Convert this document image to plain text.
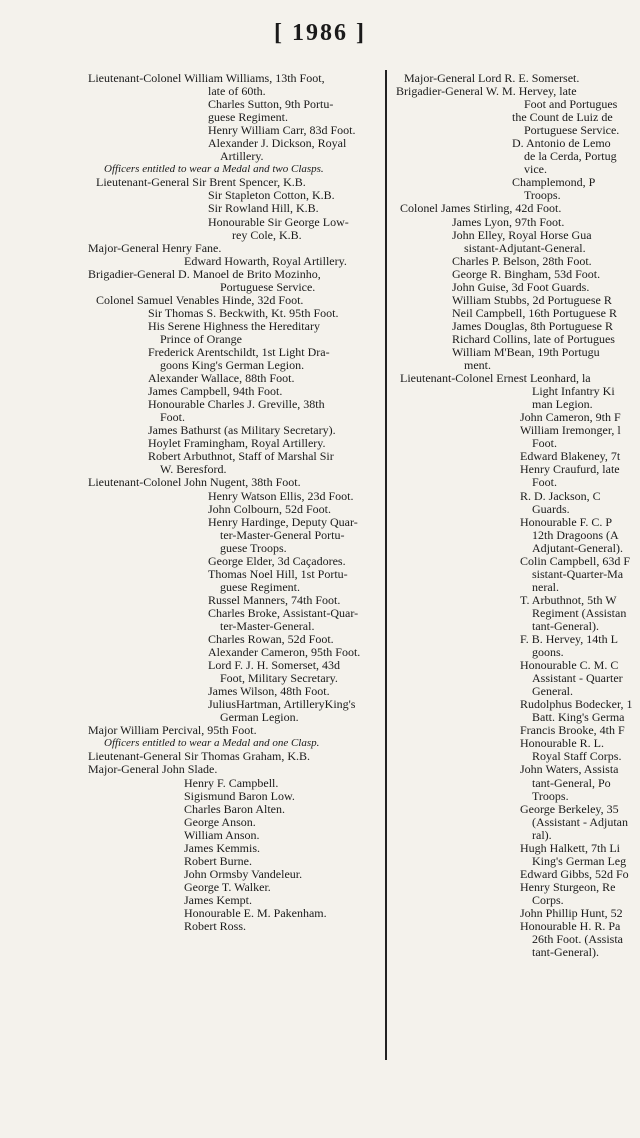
[ 1986 ]

Lieutenant-Colonel William Williams, 13th Foot,

late of 60th.

Charles Sutton, 9th Portu-

guese Regiment.

Henry William Carr, 83d Foot.

Alexander J. Dickson, Royal

Artillery.

Officers entitled to wear a Medal and two Clasps.

Lieutenant-General Sir Brent Spencer, K.B.

Sir Stapleton Cotton, K.B.

Sir Rowland Hill, K.B.

Honourable Sir George Low-

rey Cole, K.B.

Major-General Henry Fane.

Edward Howarth, Royal Artillery.

Brigadier-General D. Manoel de Brito Mozinho,

Portuguese Service.

Colonel Samuel Venables Hinde, 32d Foot.

Sir Thomas S. Beckwith, Kt. 95th Foot.

His Serene Highness the Hereditary

Prince of Orange

Frederick Arentschildt, 1st Light Dra-

goons King's German Legion.

Alexander Wallace, 88th Foot.

James Campbell, 94th Foot.

Honourable Charles J. Greville, 38th

Foot.

James Bathurst (as Military Secretary).

Hoylet Framingham, Royal Artillery.

Robert Arbuthnot, Staff of Marshal Sir

W. Beresford.

Lieutenant-Colonel John Nugent, 38th Foot.

Henry Watson Ellis, 23d Foot.

John Colbourn, 52d Foot.

Henry Hardinge, Deputy Quar-

ter-Master-General Portu-

guese Troops.

George Elder, 3d Caçadores.

Thomas Noel Hill, 1st Portu-

guese Regiment.

Russel Manners, 74th Foot.

Charles Broke, Assistant-Quar-

ter-Master-General.

Charles Rowan, 52d Foot.

Alexander Cameron, 95th Foot.

Lord F. J. H. Somerset, 43d

Foot, Military Secretary.

James Wilson, 48th Foot.

JuliusHartman, ArtilleryKing's

German Legion.

Major William Percival, 95th Foot.

Officers entitled to wear a Medal and one Clasp.

Lieutenant-General Sir Thomas Graham, K.B.

Major-General John Slade.

Henry F. Campbell.

Sigismund Baron Low.

Charles Baron Alten.

George Anson.

William Anson.

James Kemmis.

Robert Burne.

John Ormsby Vandeleur.

George T. Walker.

James Kempt.

Honourable E. M. Pakenham.

Robert Ross.

Major-General Lord R. E. Somerset.

Brigadier-General W. M. Hervey, late

Foot and Portugues

the Count de Luiz de

Portuguese Service.

D. Antonio de Lemo

de la Cerda, Portug

vice.

Champlemond, P

Troops.

Colonel James Stirling, 42d Foot.

James Lyon, 97th Foot.

John Elley, Royal Horse Gua

sistant-Adjutant-General.

Charles P. Belson, 28th Foot.

George R. Bingham, 53d Foot.

John Guise, 3d Foot Guards.

William Stubbs, 2d Portuguese R

Neil Campbell, 16th Portuguese R

James Douglas, 8th Portuguese R

Richard Collins, late of Portugues

William M'Bean, 19th Portugu

ment.

Lieutenant-Colonel Ernest Leonhard, la

Light Infantry Ki

man Legion.

John Cameron, 9th F

William Iremonger, l

Foot.

Edward Blakeney, 7t

Henry Craufurd, late

Foot.

R. D. Jackson, C

Guards.

Honourable F. C. P

12th Dragoons (A

Adjutant-General).

Colin Campbell, 63d F

sistant-Quarter-Ma

neral.

T. Arbuthnot, 5th W

Regiment (Assistan

tant-General).

F. B. Hervey, 14th L

goons.

Honourable C. M. C

Assistant - Quarter

General.

Rudolphus Bodecker, 1

Batt. King's Germa

Francis Brooke, 4th F

Honourable R. L.

Royal Staff Corps.

John Waters, Assista

tant-General, Po

Troops.

George Berkeley, 35

(Assistant - Adjutan

ral).

Hugh Halkett, 7th Li

King's German Leg

Edward Gibbs, 52d Fo

Henry Sturgeon, Re

Corps.

John Phillip Hunt, 52

Honourable H. R. Pa

26th Foot. (Assista

tant-General).
